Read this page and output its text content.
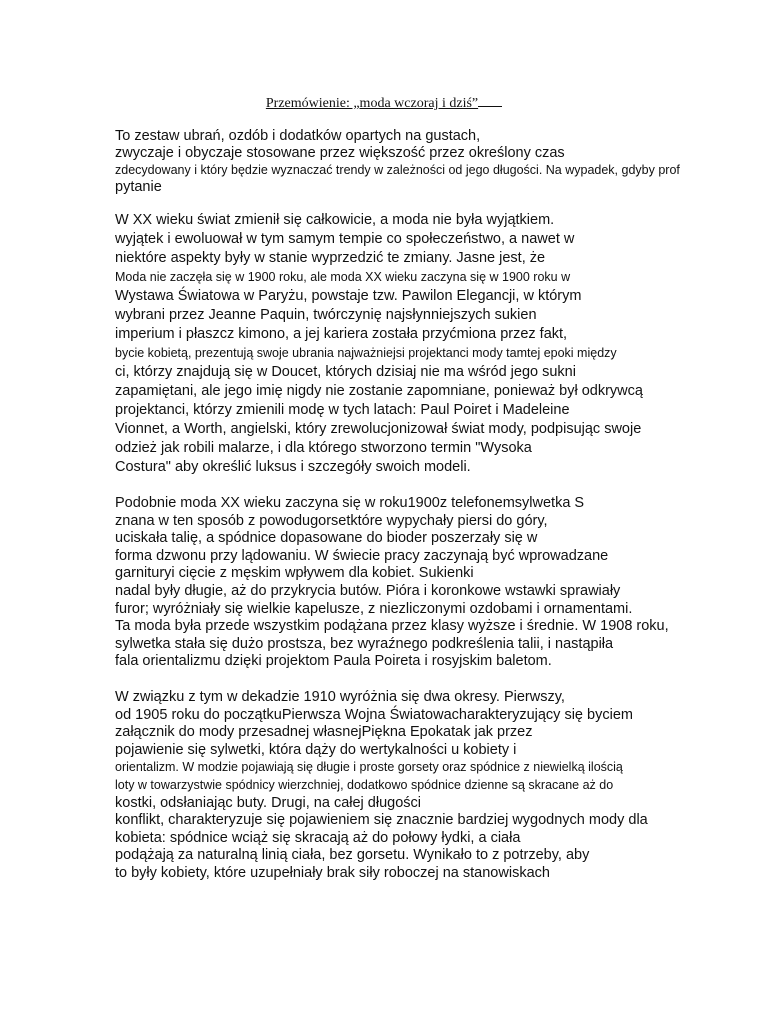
Przemówienie: „moda wczoraj i dziś”
To zestaw ubrań, ozdób i dodatków opartych na gustach,
zwyczaje i obyczaje stosowane przez większość przez określony czas
zdecydowany i który będzie wyznaczać trendy w zależności od jego długości. Na wypadek, gdyby prof
pytanie
W XX wieku świat zmienił się całkowicie, a moda nie była wyjątkiem.
wyjątek i ewoluował w tym samym tempie co społeczeństwo, a nawet w
niektóre aspekty były w stanie wyprzedzić te zmiany. Jasne jest, że
Moda nie zaczęła się w 1900 roku, ale moda XX wieku zaczyna się w 1900 roku w
Wystawa Światowa w Paryżu, powstaje tzw. Pawilon Elegancji, w którym
wybrani przez Jeanne Paquin, twórczynię najsłynniejszych sukien
imperium i płaszcz kimono, a jej kariera została przyćmiona przez fakt,
bycie kobietą, prezentują swoje ubrania najważniejsi projektanci mody tamtej epoki między
ci, którzy znajdują się w Doucet, których dzisiaj nie ma wśród jego sukni
zapamiętani, ale jego imię nigdy nie zostanie zapomniane, ponieważ był odkrywcą
projektanci, którzy zmienili modę w tych latach: Paul Poiret i Madeleine
Vionnet, a Worth, angielski, który zrewolucjonizował świat mody, podpisując swoje
odzież jak robili malarze, i dla którego stworzono termin "Wysoka
Costura" aby określić luksus i szczegóły swoich modeli.
Podobnie moda XX wieku zaczyna się w roku1900z telefonemsylwetka S
znana w ten sposób z powodugorsetktóre wypychały piersi do góry,
uciskała talię, a spódnice dopasowane do bioder poszerzały się w
forma dzwonu przy lądowaniu. W świecie pracy zaczynają być wprowadzane
garnituryi cięcie z męskim wpływem dla kobiet. Sukienki
nadal były długie, aż do przykrycia butów. Pióra i koronkowe wstawki sprawiały
furor; wyróżniały się wielkie kapelusze, z niezliczonymi ozdobami i ornamentami.
Ta moda była przede wszystkim podążana przez klasy wyższe i średnie. W 1908 roku,
sylwetka stała się dużo prostsza, bez wyraźnego podkreślenia talii, i nastąpiła
fala orientalizmu dzięki projektom Paula Poireta i rosyjskim baletom.
W związku z tym w dekadzie 1910 wyróżnia się dwa okresy. Pierwszy,
od 1905 roku do początkuPierwsza Wojna Światowacharakteryzujący się byciem
załącznik do mody przesadnej własnejPiękna Epokatak jak przez
pojawienie się sylwetki, która dąży do wertykalności u kobiety i
orientalizm. W modzie pojawiają się długie i proste gorsety oraz spódnice z niewielką ilością
loty w towarzystwie spódnicy wierzchniej, dodatkowo spódnice dzienne są skracane aż do
kostki, odsłaniając buty. Drugi, na całej długości
konflikt, charakteryzuje się pojawieniem się znacznie bardziej wygodnych mody dla
kobieta: spódnice wciąż się skracają aż do połowy łydki, a ciała
podążają za naturalną linią ciała, bez gorsetu. Wynikało to z potrzeby, aby
to były kobiety, które uzupełniały brak siły roboczej na stanowiskach
